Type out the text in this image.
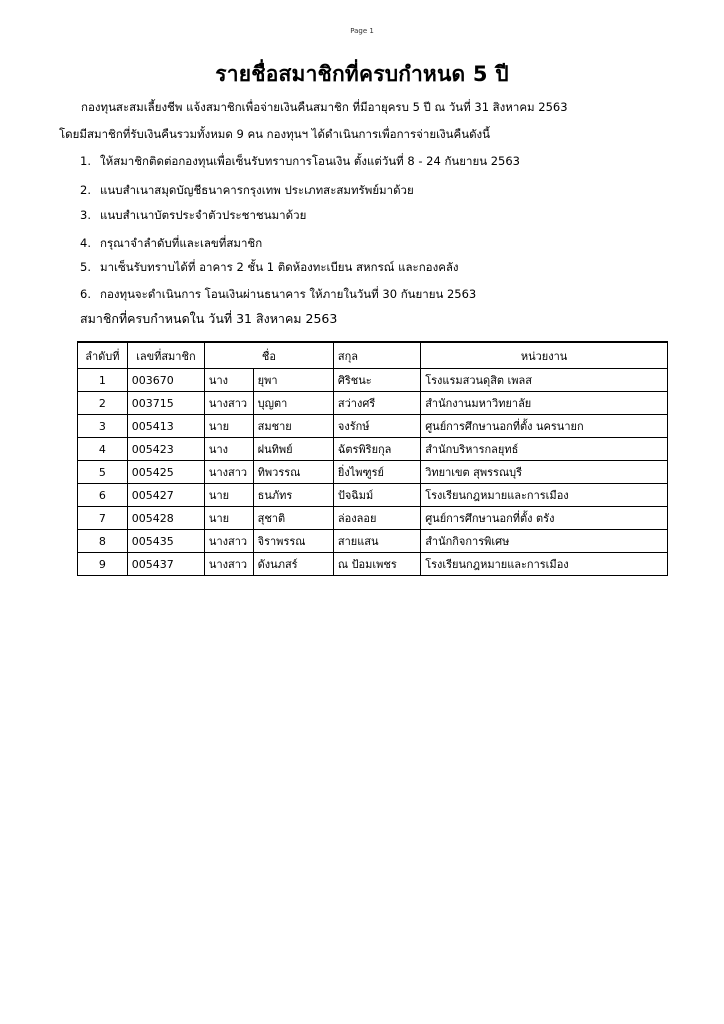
Page 1
รายชื่อสมาชิกที่ครบกำหนด 5 ปี
กองทุนสะสมเลี้ยงชีพ แจ้งสมาชิกเพื่อจ่ายเงินคืนสมาชิก ที่มีอายุครบ 5 ปี ณ วันที่ 31 สิงหาคม 2563
โดยมีสมาชิกที่รับเงินคืนรวมทั้งหมด 9 คน กองทุนฯ ได้ดำเนินการเพื่อการจ่ายเงินคืนดังนี้
1. ให้สมาชิกติดต่อกองทุนเพื่อเซ็นรับทราบการโอนเงิน ตั้งแต่วันที่ 8 - 24 กันยายน 2563
2. แนบสำเนาสมุดบัญชีธนาคารกรุงเทพ ประเภทสะสมทรัพย์มาด้วย
3. แนบสำเนาบัตรประจำตัวประชาชนมาด้วย
4. กรุณาจำลำดับที่และเลขที่สมาชิก
5. มาเซ็นรับทราบได้ที่ อาคาร 2 ชั้น 1 ติดห้องทะเบียน สหกรณ์ และกองคลัง
6. กองทุนจะดำเนินการ โอนเงินผ่านธนาคาร ให้ภายในวันที่ 30 กันยายน 2563
สมาชิกที่ครบกำหนดใน วันที่ 31 สิงหาคม 2563
ลำดับที่	เลขที่สมาชิก	ชื่อ		สกุล	หน่วยงาน
1	003670	นาง	ยุพา	ศิริชนะ	โรงแรมสวนดุสิต เพลส
2	003715	นางสาว	บุญตา	สว่างศรี	สำนักงานมหาวิทยาลัย
3	005413	นาย	สมชาย	จงรักษ์	ศูนย์การศึกษานอกที่ตั้ง นครนายก
4	005423	นาง	ฝนทิพย์	ฉัตรพิริยกุล	สำนักบริหารกลยุทธ์
5	005425	นางสาว	ทิพวรรณ	ยิ่งไพฑูรย์	วิทยาเขต สุพรรณบุรี
6	005427	นาย	ธนภัทร	ปัจฉิมม์	โรงเรียนกฎหมายและการเมือง
7	005428	นาย	สุชาติ	ล่องลอย	ศูนย์การศึกษานอกที่ตั้ง ตรัง
8	005435	นางสาว	จิราพรรณ	สายแสน	สำนักกิจการพิเศษ
9	005437	นางสาว	ดังนภสร์	ณ ป้อมเพชร	โรงเรียนกฎหมายและการเมือง
